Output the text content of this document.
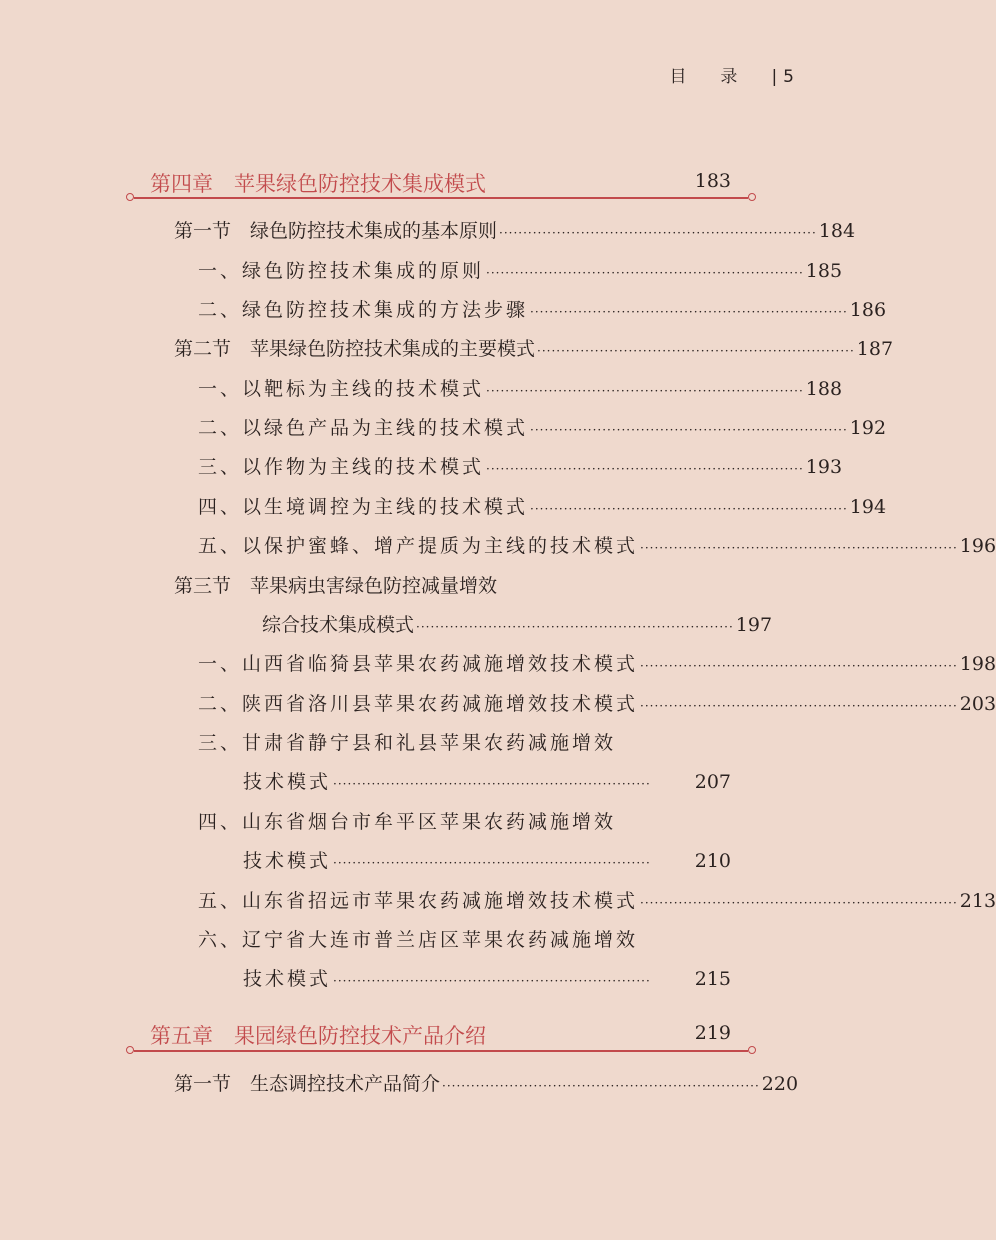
目录| 5
第四章　苹果绿色防控技术集成模式	183
第一节　绿色防控技术集成的基本原则 ·································································· 184
一、绿色防控技术集成的原则 ·································································· 185
二、绿色防控技术集成的方法步骤 ·································································· 186
第二节　苹果绿色防控技术集成的主要模式 ·································································· 187
一、以靶标为主线的技术模式 ·································································· 188
二、以绿色产品为主线的技术模式 ·································································· 192
三、以作物为主线的技术模式 ·································································· 193
四、以生境调控为主线的技术模式 ·································································· 194
五、以保护蜜蜂、增产提质为主线的技术模式 ·································································· 196
第三节　苹果病虫害绿色防控减量增效
综合技术集成模式 ·································································· 197
一、山西省临猗县苹果农药减施增效技术模式 ·································································· 198
二、陕西省洛川县苹果农药减施增效技术模式 ·································································· 203
三、甘肃省静宁县和礼县苹果农药减施增效
技术模式 ··································································	207
四、山东省烟台市牟平区苹果农药减施增效
技术模式 ··································································	210
五、山东省招远市苹果农药减施增效技术模式 ·································································· 213
六、辽宁省大连市普兰店区苹果农药减施增效
技术模式 ··································································	215
第五章　果园绿色防控技术产品介绍	219
第一节　生态调控技术产品简介 ·································································· 220
